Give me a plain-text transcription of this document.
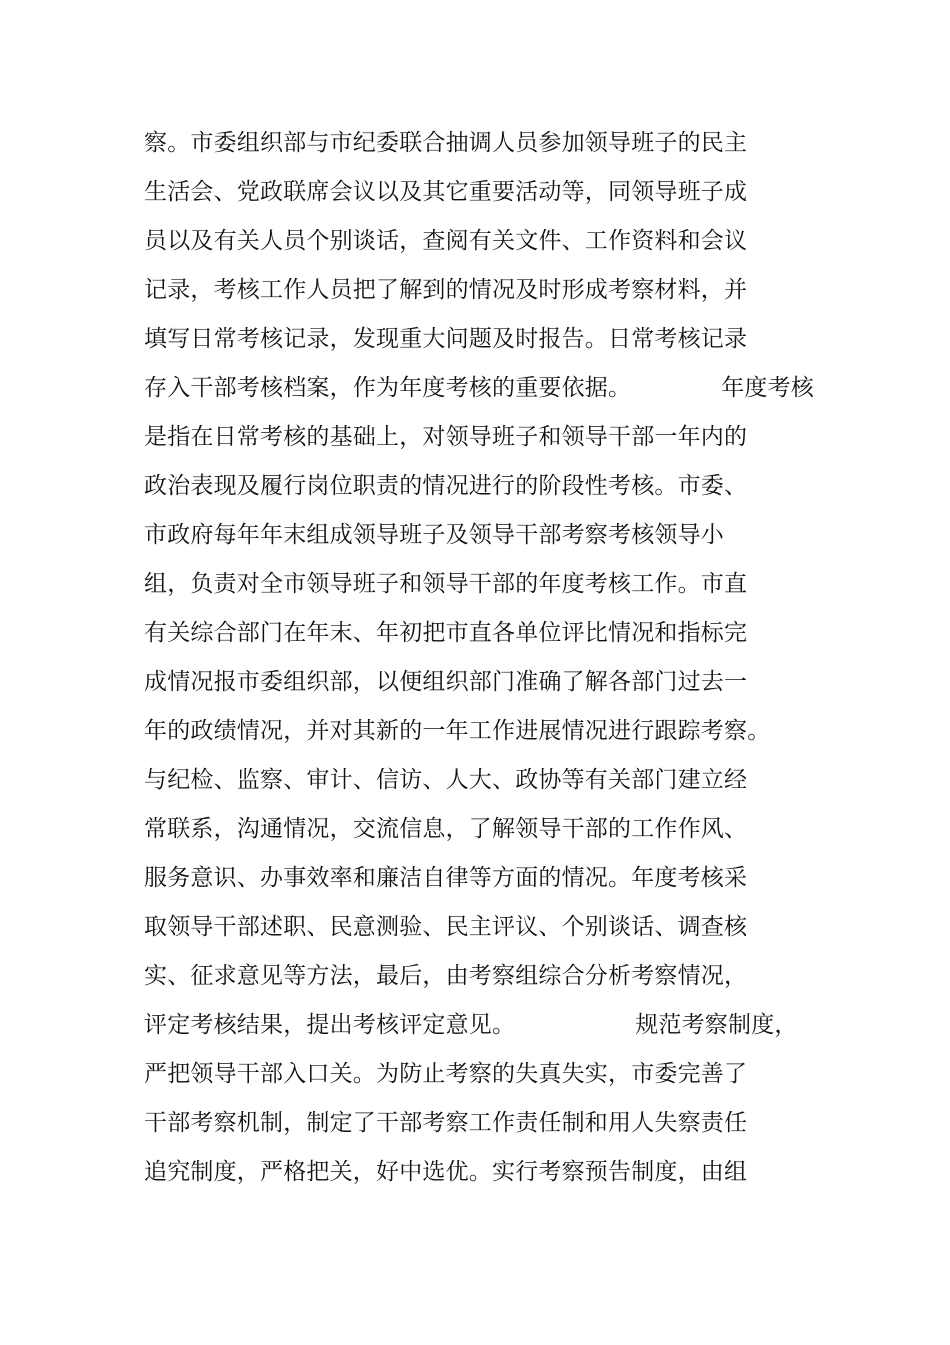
察。市委组织部与市纪委联合抽调人员参加领导班子的民主
生活会、党政联席会议以及其它重要活动等，同领导班子成
员以及有关人员个别谈话，查阅有关文件、工作资料和会议
记录，考核工作人员把了解到的情况及时形成考察材料，并
填写日常考核记录，发现重大问题及时报告。日常考核记录
存入干部考核档案，作为年度考核的重要依据。	年度考核
是指在日常考核的基础上，对领导班子和领导干部一年内的
政治表现及履行岗位职责的情况进行的阶段性考核。市委、
市政府每年年末组成领导班子及领导干部考察考核领导小
组，负责对全市领导班子和领导干部的年度考核工作。市直
有关综合部门在年末、年初把市直各单位评比情况和指标完
成情况报市委组织部，以便组织部门准确了解各部门过去一
年的政绩情况，并对其新的一年工作进展情况进行跟踪考察。
与纪检、监察、审计、信访、人大、政协等有关部门建立经
常联系，沟通情况，交流信息，了解领导干部的工作作风、
服务意识、办事效率和廉洁自律等方面的情况。年度考核采
取领导干部述职、民意测验、民主评议、个别谈话、调查核
实、征求意见等方法，最后，由考察组综合分析考察情况，
评定考核结果，提出考核评定意见。	规范考察制度，
严把领导干部入口关。为防止考察的失真失实，市委完善了
干部考察机制，制定了干部考察工作责任制和用人失察责任
追究制度，严格把关，好中选优。实行考察预告制度，由组
